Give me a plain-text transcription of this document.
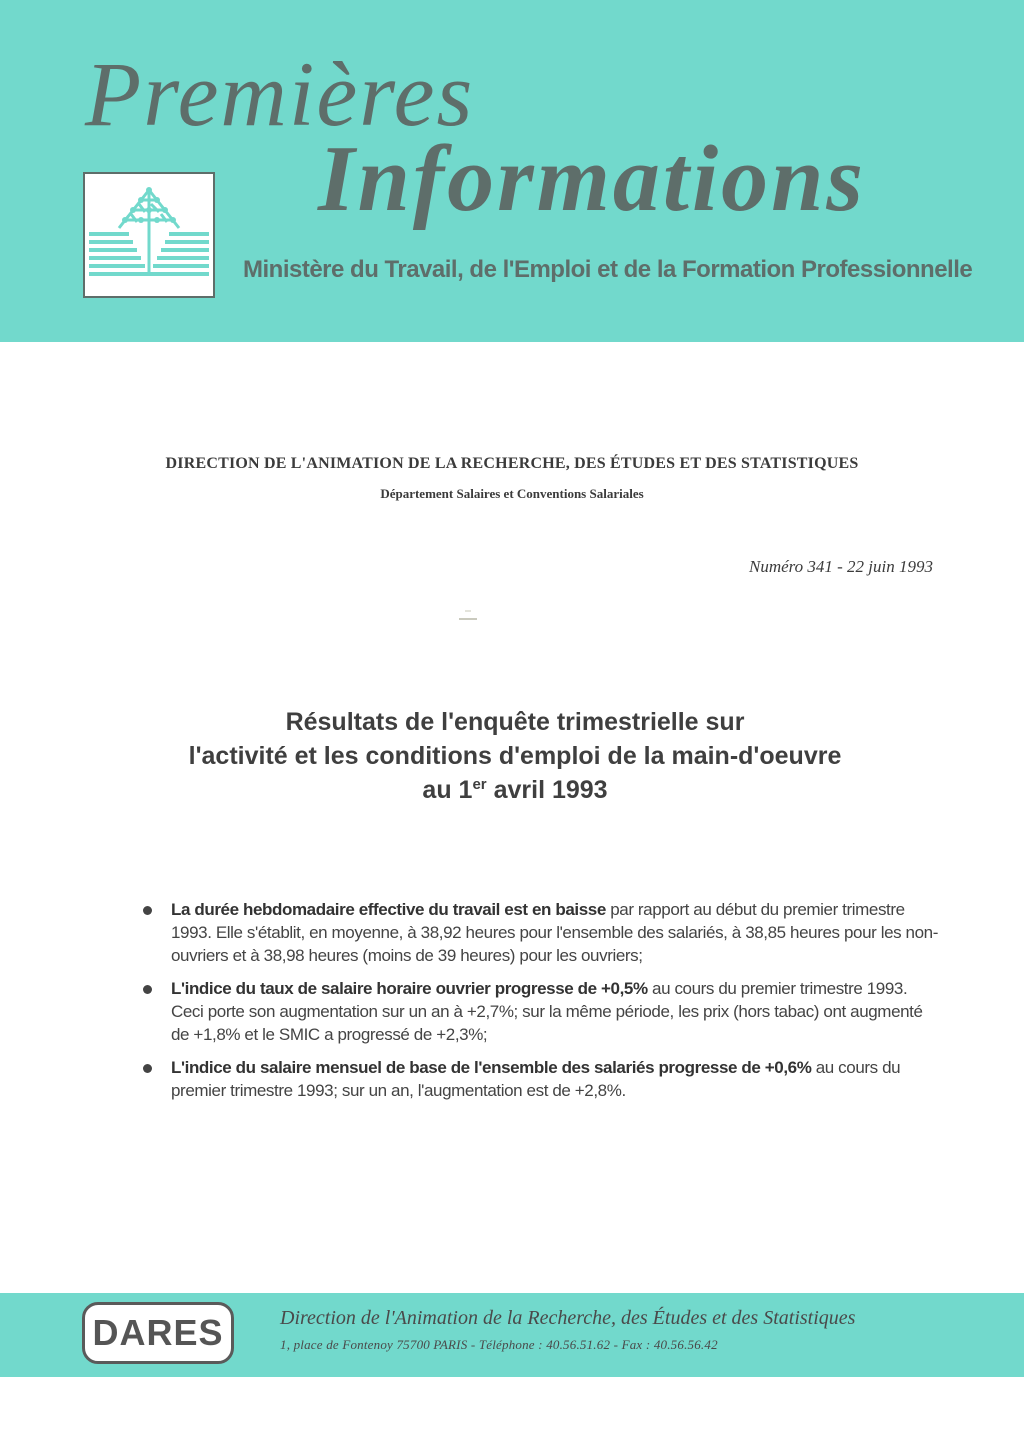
Premières
Informations
Ministère du Travail, de l'Emploi et de la Formation Professionnelle
DIRECTION DE L'ANIMATION DE LA RECHERCHE, DES ÉTUDES ET DES STATISTIQUES
Département Salaires et Conventions Salariales
Numéro 341 - 22 juin 1993
Résultats de l'enquête trimestrielle sur
l'activité et les conditions d'emploi de la main-d'oeuvre
au 1er avril 1993
La durée hebdomadaire effective du travail est en baisse par rapport au début du premier trimestre 1993. Elle s'établit, en moyenne, à 38,92 heures pour l'ensemble des salariés, à 38,85 heures pour les non-ouvriers et à 38,98 heures (moins de 39 heures) pour les ouvriers;
L'indice du taux de salaire horaire ouvrier progresse de +0,5% au cours du premier trimestre 1993. Ceci porte son augmentation sur un an à +2,7%; sur la même période, les prix (hors tabac) ont augmenté de +1,8% et le SMIC a progressé de +2,3%;
L'indice du salaire mensuel de base de l'ensemble des salariés progresse de +0,6% au cours du premier trimestre 1993; sur un an, l'augmentation est de +2,8%.
DARES	Direction de l'Animation de la Recherche, des Études et des Statistiques
1, place de Fontenoy 75700 PARIS - Téléphone : 40.56.51.62 - Fax : 40.56.56.42
